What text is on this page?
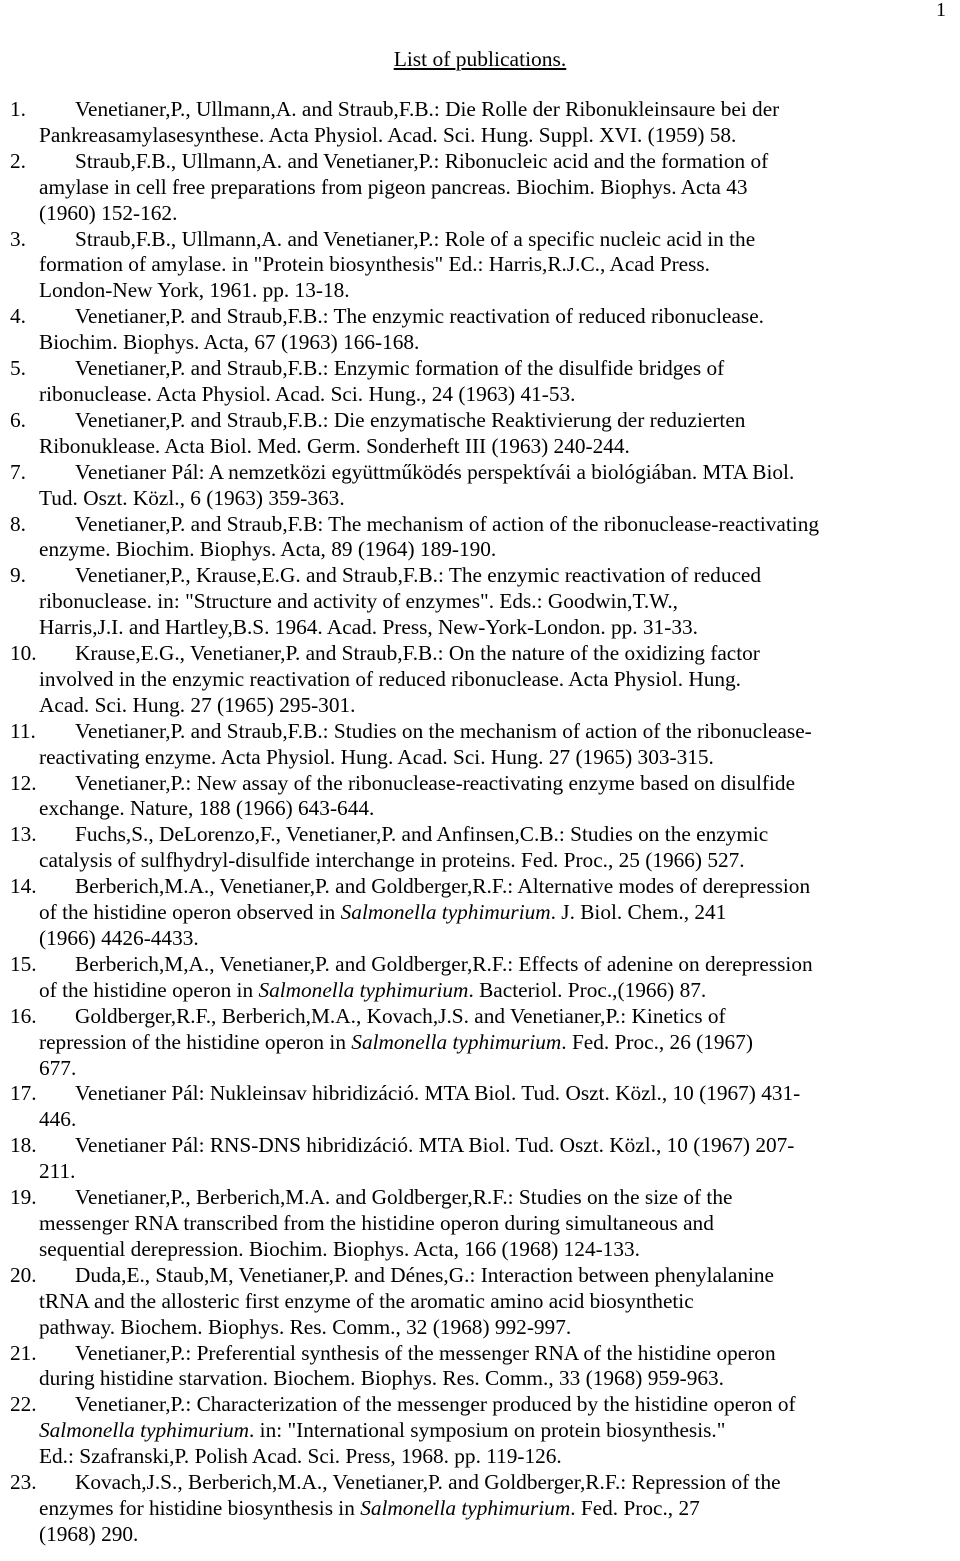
1
List of publications.
1.	Venetianer,P., Ullmann,A. and Straub,F.B.: Die Rolle der Ribonukleinsaure bei der
Pankreasamylasesynthese. Acta Physiol. Acad. Sci. Hung. Suppl. XVI. (1959) 58.
2.	Straub,F.B., Ullmann,A. and Venetianer,P.: Ribonucleic acid and the formation of
amylase in cell free preparations from pigeon pancreas. Biochim. Biophys. Acta 43
(1960) 152-162.
3.	Straub,F.B., Ullmann,A. and Venetianer,P.: Role of a specific nucleic acid in the
formation of amylase. in "Protein biosynthesis" Ed.: Harris,R.J.C., Acad Press.
London-New York, 1961. pp. 13-18.
4.	Venetianer,P. and Straub,F.B.: The enzymic reactivation of reduced ribonuclease.
Biochim. Biophys. Acta, 67 (1963) 166-168.
5.	Venetianer,P. and Straub,F.B.: Enzymic formation of the disulfide bridges of
ribonuclease. Acta Physiol. Acad. Sci. Hung., 24 (1963) 41-53.
6.	Venetianer,P. and Straub,F.B.: Die enzymatische Reaktivierung der reduzierten
Ribonuklease. Acta Biol. Med. Germ. Sonderheft III (1963) 240-244.
7.	Venetianer Pál: A nemzetközi együttműködés perspektívái a biológiában. MTA Biol.
Tud. Oszt. Közl., 6 (1963) 359-363.
8.	Venetianer,P. and Straub,F.B: The mechanism of action of the ribonuclease-reactivating
enzyme. Biochim. Biophys. Acta, 89 (1964) 189-190.
9.	Venetianer,P., Krause,E.G. and Straub,F.B.: The enzymic reactivation of reduced
ribonuclease. in: "Structure and activity of enzymes". Eds.: Goodwin,T.W.,
Harris,J.I. and Hartley,B.S. 1964. Acad. Press, New-York-London. pp. 31-33.
10.	Krause,E.G., Venetianer,P. and Straub,F.B.: On the nature of the oxidizing factor
involved in the enzymic reactivation of reduced ribonuclease. Acta Physiol. Hung.
Acad. Sci. Hung. 27 (1965) 295-301.
11.	Venetianer,P. and Straub,F.B.: Studies on the mechanism of action of the ribonuclease-
reactivating enzyme. Acta Physiol. Hung. Acad. Sci. Hung. 27 (1965) 303-315.
12.	Venetianer,P.: New assay of the ribonuclease-reactivating enzyme based on disulfide
exchange. Nature, 188 (1966) 643-644.
13.	Fuchs,S., DeLorenzo,F., Venetianer,P. and Anfinsen,C.B.: Studies on the enzymic
catalysis of sulfhydryl-disulfide interchange in proteins. Fed. Proc., 25 (1966) 527.
14.	Berberich,M.A., Venetianer,P. and Goldberger,R.F.: Alternative modes of derepression
of the histidine operon observed in Salmonella typhimurium. J. Biol. Chem., 241
(1966) 4426-4433.
15.	Berberich,M,A., Venetianer,P. and Goldberger,R.F.: Effects of adenine on derepression
of the histidine operon in Salmonella typhimurium. Bacteriol. Proc.,(1966) 87.
16.	Goldberger,R.F., Berberich,M.A., Kovach,J.S. and Venetianer,P.: Kinetics of
repression of the histidine operon in Salmonella typhimurium. Fed. Proc., 26 (1967)
677.
17.	Venetianer Pál: Nukleinsav hibridizáció. MTA Biol. Tud. Oszt. Közl., 10 (1967) 431-
446.
18.	Venetianer Pál: RNS-DNS hibridizáció. MTA Biol. Tud. Oszt. Közl., 10 (1967) 207-
211.
19.	Venetianer,P., Berberich,M.A. and Goldberger,R.F.: Studies on the size of the
messenger RNA transcribed from the histidine operon during simultaneous and
sequential derepression. Biochim. Biophys. Acta, 166 (1968) 124-133.
20.	Duda,E., Staub,M, Venetianer,P. and Dénes,G.: Interaction between phenylalanine
tRNA and the allosteric first enzyme of the aromatic amino acid biosynthetic
pathway. Biochem. Biophys. Res. Comm., 32 (1968) 992-997.
21.	Venetianer,P.: Preferential synthesis of the messenger RNA of the histidine operon
during histidine starvation. Biochem. Biophys. Res. Comm., 33 (1968) 959-963.
22.	Venetianer,P.: Characterization of the messenger produced by the histidine operon of
Salmonella typhimurium. in: "International symposium on protein biosynthesis."
Ed.: Szafranski,P. Polish Acad. Sci. Press, 1968. pp. 119-126.
23.	Kovach,J.S., Berberich,M.A., Venetianer,P. and Goldberger,R.F.: Repression of the
enzymes for histidine biosynthesis in Salmonella typhimurium. Fed. Proc., 27
(1968) 290.
